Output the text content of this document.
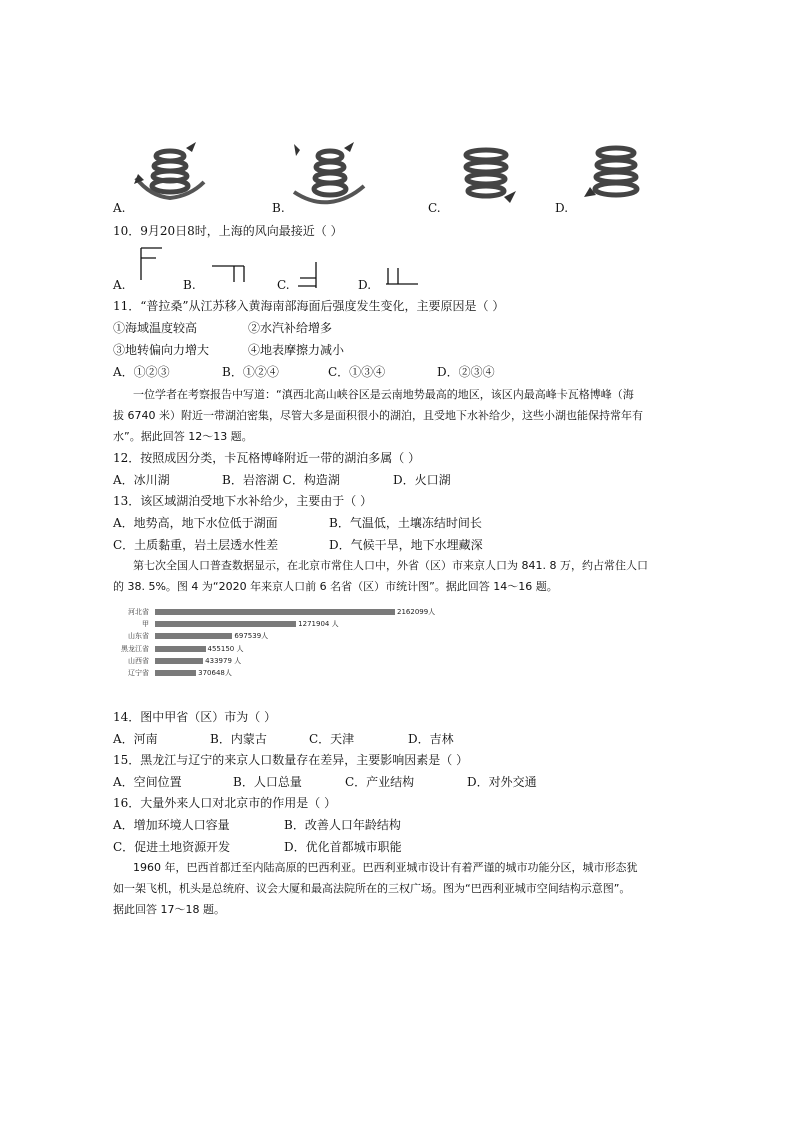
A.	B.	C.	D.
10．9月20日8时，上海的风向最接近（ ）
A.	B.	C.	D.
11．“普拉桑”从江苏移入黄海南部海面后强度发生变化，主要原因是（ ）
①海域温度较高	②水汽补给增多
③地转偏向力增大	④地表摩擦力减小
A．①②③	B．①②④	C．①③④	D．②③④
一位学者在考察报告中写道：“滇西北高山峡谷区是云南地势最高的地区，该区内最高峰卡瓦格博峰（海
拔 6740 米）附近一带湖泊密集，尽管大多是面积很小的湖泊，且受地下水补给少，这些小湖也能保持常年有
水”。据此回答 12～13 题。
12．按照成因分类，卡瓦格博峰附近一带的湖泊多属（ ）
A．冰川湖	B．岩溶湖 C．构造湖	D．火口湖
13．该区域湖泊受地下水补给少，主要由于（ ）
A．地势高，地下水位低于湖面	B．气温低，土壤冻结时间长
C．土质黏重，岩土层透水性差	D．气候干旱，地下水埋藏深
第七次全国人口普查数据显示，在北京市常住人口中，外省（区）市来京人口为 841. 8 万，约占常住人口
的 38. 5%。图 4 为“2020 年来京人口前 6 名省（区）市统计图”。据此回答 14～16 题。
河北省	2162099人
甲	1271904 人
山东省	697539人
黑龙江省	455150 人
山西省	433979 人
辽宁省	370648人
14．图中甲省（区）市为（ ）
A．河南	B．内蒙古	C．天津	D．吉林
15．黑龙江与辽宁的来京人口数量存在差异，主要影响因素是（ ）
A．空间位置	B．人口总量	C．产业结构	D．对外交通
16．大量外来人口对北京市的作用是（ ）
A．增加环境人口容量	B．改善人口年龄结构
C．促进土地资源开发	D．优化首都城市职能
1960 年，巴西首都迁至内陆高原的巴西利亚。巴西利亚城市设计有着严谨的城市功能分区，城市形态犹
如一架飞机，机头是总统府、议会大厦和最高法院所在的三权广场。图为“巴西利亚城市空间结构示意图”。
据此回答 17～18 题。
